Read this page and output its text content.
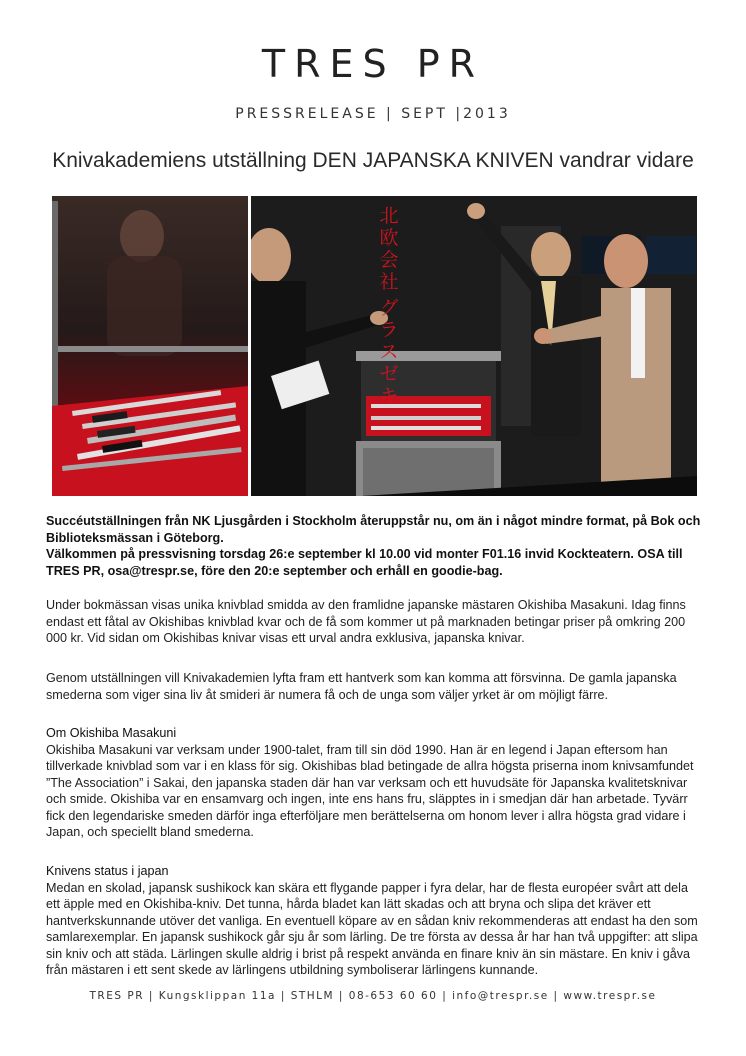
TRES PR
PRESSRELEASE | SEPT |2013
Knivakademiens utställning DEN JAPANSKA KNIVEN vandrar vidare
北
欧
会
社
グ
ラ
ス
ゼ
キ

Succéutställningen från NK Ljusgården i Stockholm återuppstår nu, om än i något mindre format, på Bok och Biblioteksmässan i Göteborg.

Välkommen på pressvisning torsdag 26:e september kl 10.00 vid monter F01.16 invid Kockteatern. OSA till TRES PR, osa@trespr.se, före den 20:e september och erhåll en goodie-bag.

Under bokmässan visas unika knivblad smidda av den framlidne japanske mästaren Okishiba Masakuni. Idag finns endast ett fåtal av Okishibas knivblad kvar och de få som kommer ut på marknaden betingar priser på omkring 200 000 kr. Vid sidan om Okishibas knivar visas ett urval andra exklusiva, japanska knivar.

Genom utställningen vill Knivakademien lyfta fram ett hantverk som kan komma att försvinna. De gamla japanska smederna som viger sina liv åt smideri är numera få och de unga som väljer yrket är om möjligt färre.

Om Okishiba Masakuni

Okishiba Masakuni var verksam under 1900-talet, fram till sin död 1990. Han är en legend i Japan eftersom han tillverkade knivblad som var i en klass för sig. Okishibas blad betingade de allra högsta priserna inom knivsamfundet ”The Association” i Sakai, den japanska staden där han var verksam och ett huvudsäte för Japanska kvalitetsknivar och smide. Okishiba var en ensamvarg och ingen, inte ens hans fru, släpptes in i smedjan där han arbetade. Tyvärr fick den legendariske smeden därför inga efterföljare men berättelserna om honom lever i allra högsta grad vidare i Japan, och speciellt bland smederna.

Knivens status i japan

Medan en skolad, japansk sushikock kan skära ett flygande papper i fyra delar, har de flesta européer svårt att dela ett äpple med en Okishiba-kniv. Det tunna, hårda bladet kan lätt skadas och att bryna och slipa det kräver ett hantverkskunnande utöver det vanliga. En eventuell köpare av en sådan kniv rekommenderas att endast ha den som samlarexemplar. En japansk sushikock går sju år som lärling. De tre första av dessa år har han två uppgifter: att slipa sin kniv och att städa. Lärlingen skulle aldrig i brist på respekt använda en finare kniv än sin mästare. En kniv i gåva från mästaren i ett sent skede av lärlingens utbildning symboliserar lärlingens kunnande.

TRES PR | Kungsklippan 11a | STHLM | 08-653 60 60 | info@trespr.se | www.trespr.se
